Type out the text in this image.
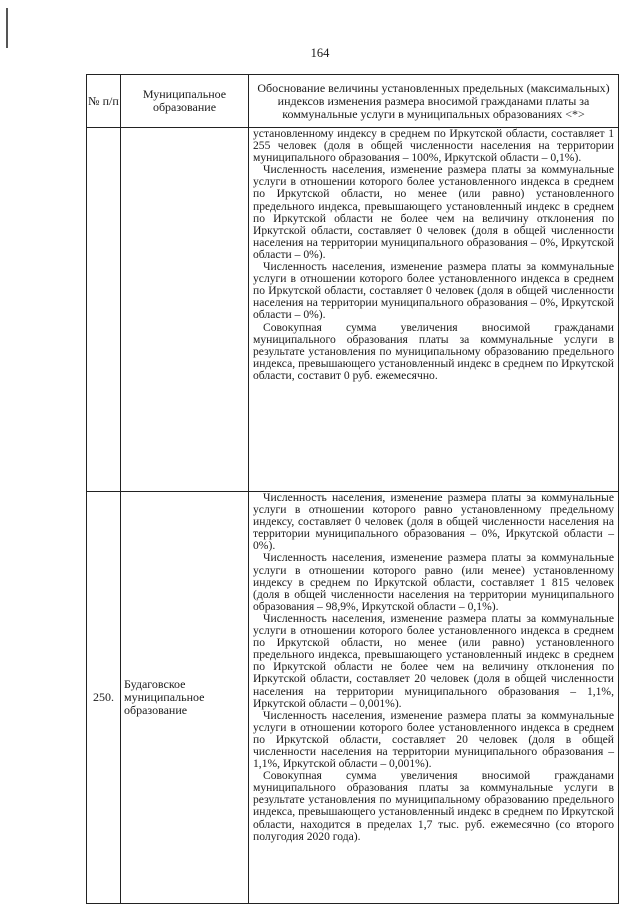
164
№ п/п	Муниципальное образование	Обоснование величины установленных предельных (максимальных) индексов изменения размера вносимой гражданами платы за коммунальные услуги в муниципальных образованиях <*>

		установленному индексу в среднем по Иркутской области, составляет 1 255 человек (доля в общей численности населения на территории муниципального образования – 100%, Иркутской области – 0,1%).

Численность населения, изменение размера платы за коммунальные услуги в отношении которого более установленного индекса в среднем по Иркутской области, но менее (или равно) установленного предельного индекса, превышающего установленный индекс в среднем по Иркутской области не более чем на величину отклонения по Иркутской области, составляет 0 человек (доля в общей численности населения на территории муниципального образования – 0%, Иркутской области – 0%).

Численность населения, изменение размера платы за коммунальные услуги в отношении которого более установленного индекса в среднем по Иркутской области, составляет 0 человек (доля в общей численности населения на территории муниципального образования – 0%, Иркутской области – 0%).

Совокупная сумма увеличения вносимой гражданами муниципального образования платы за коммунальные услуги в результате установления по муниципальному образованию предельного индекса, превышающего установленный индекс в среднем по Иркутской области, составит 0 руб. ежемесячно.

250.	Будаговское муниципальное образование	Численность населения, изменение размера платы за коммунальные услуги в отношении которого равно установленному предельному индексу, составляет 0 человек (доля в общей численности населения на территории муниципального образования – 0%, Иркутской области – 0%).

Численность населения, изменение размера платы за коммунальные услуги в отношении которого равно (или менее) установленному индексу в среднем по Иркутской области, составляет 1 815 человек (доля в общей численности населения на территории муниципального образования – 98,9%, Иркутской области – 0,1%).

Численность населения, изменение размера платы за коммунальные услуги в отношении которого более установленного индекса в среднем по Иркутской области, но менее (или равно) установленного предельного индекса, превышающего установленный индекс в среднем по Иркутской области не более чем на величину отклонения по Иркутской области, составляет 20 человек (доля в общей численности населения на территории муниципального образования – 1,1%, Иркутской области – 0,001%).

Численность населения, изменение размера платы за коммунальные услуги в отношении которого более установленного индекса в среднем по Иркутской области, составляет 20 человек (доля в общей численности населения на территории муниципального образования – 1,1%, Иркутской области – 0,001%).

Совокупная сумма увеличения вносимой гражданами муниципального образования платы за коммунальные услуги в результате установления по муниципальному образованию предельного индекса, превышающего установленный индекс в среднем по Иркутской области, находится в пределах 1,7 тыс. руб. ежемесячно (со второго полугодия 2020 года).
